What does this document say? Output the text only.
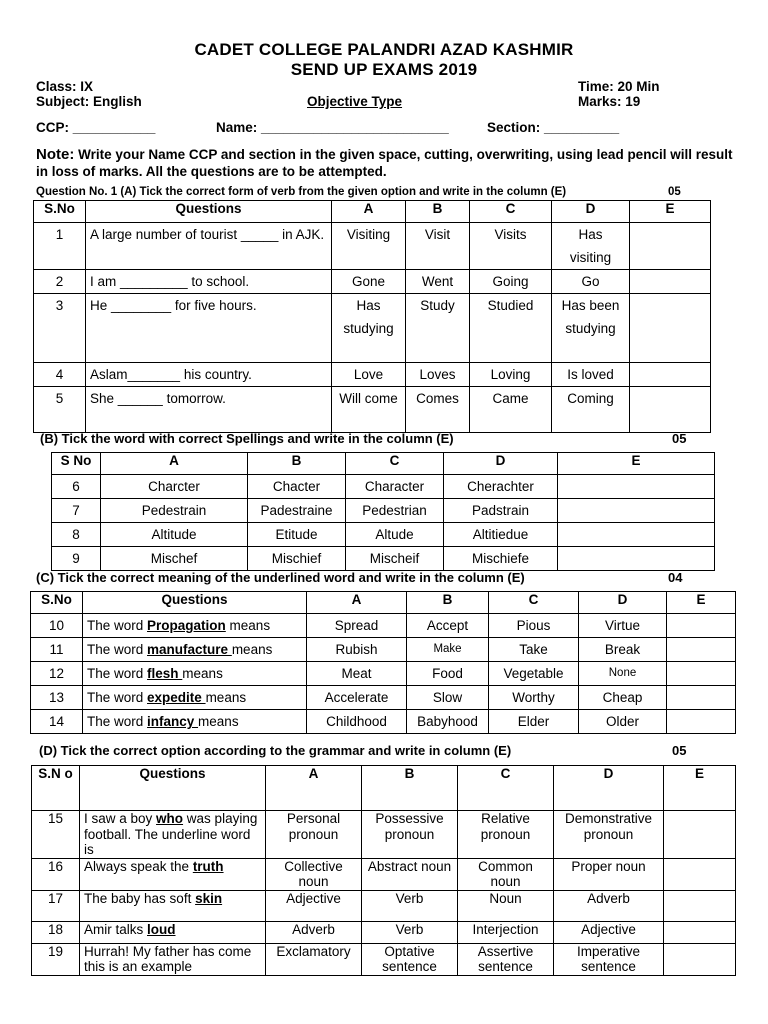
CADET COLLEGE PALANDRI AZAD KASHMIR
SEND UP EXAMS 2019
Class: IX
Subject: English	Objective Type
Time: 20 Min
Marks: 19
CCP: ___________	Name: _________________________	Section: __________
Note: Write your Name CCP and section in the given space, cutting, overwriting, using lead pencil will result in loss of marks. All the questions are to be attempted.
Question No. 1 (A) Tick the correct form of verb from the given option and write in the column (E)	05
S.No	Questions	A	B	C	D	E
1	A large number of tourist _____ in AJK.	Visiting	Visit	Visits	Has visiting	
2	I am _________ to school.	Gone	Went	Going	Go	
3	He ________ for five hours.	Has studying	Study	Studied	Has been studying	
4	Aslam_______ his country.	Love	Loves	Loving	Is loved	
5	She ______ tomorrow.	Will come	Comes	Came	Coming	
(B) Tick the word with correct Spellings and write in the column (E)	05
S No	A	B	C	D	E
6	Charcter	Chacter	Character	Cherachter	
7	Pedestrain	Padestraine	Pedestrian	Padstrain	
8	Altitude	Etitude	Altude	Altitiedue	
9	Mischef	Mischief	Mischeif	Mischiefe	
(C) Tick the correct meaning of the underlined word and write in the column (E)	04
S.No	Questions	A	B	C	D	E
10	The word Propagation means	Spread	Accept	Pious	Virtue	
11	The word manufacture means	Rubish	Make	Take	Break	
12	The word flesh means	Meat	Food	Vegetable	None	
13	The word expedite means	Accelerate	Slow	Worthy	Cheap	
14	The word infancy means	Childhood	Babyhood	Elder	Older	
(D) Tick the correct option according to the grammar and write in column (E)	05
S.N o	Questions	A	B	C	D	E
15	I saw a boy who was playing football. The underline word is	Personal pronoun	Possessive pronoun	Relative pronoun	Demonstrative pronoun	
16	Always speak the truth	Collective noun	Abstract noun	Common noun	Proper noun	
17	The baby has soft skin	Adjective	Verb	Noun	Adverb	
18	Amir talks loud	Adverb	Verb	Interjection	Adjective	
19	Hurrah! My father has come this is an example	Exclamatory	Optative sentence	Assertive sentence	Imperative sentence	
